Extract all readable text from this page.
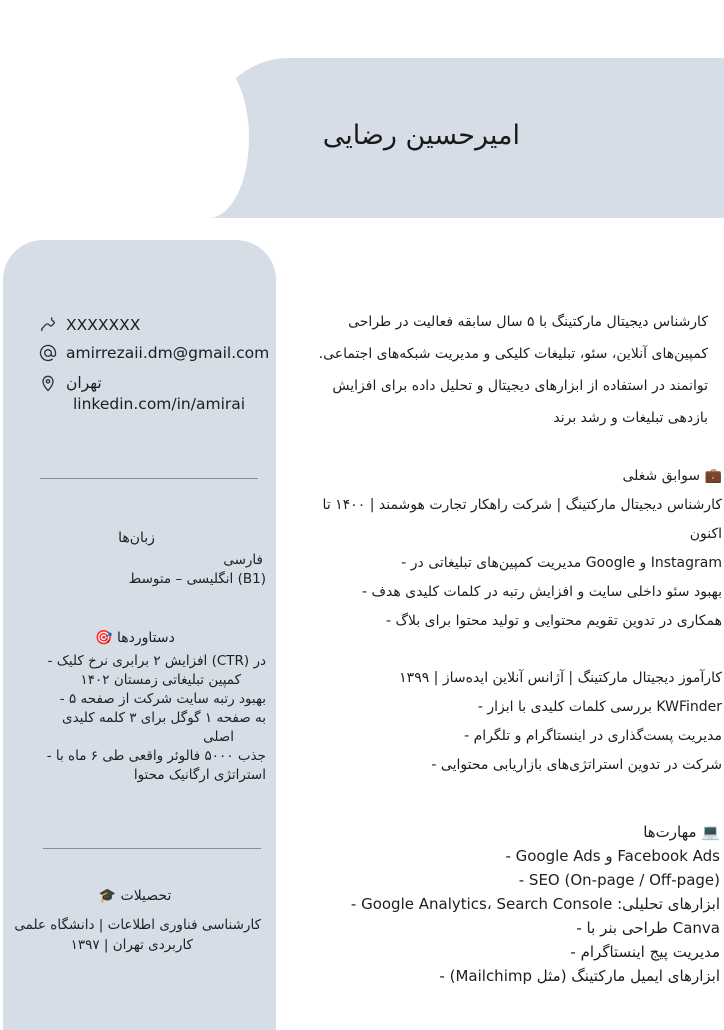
امیرحسین رضایی
XXXXXXX
amirrezaii.dm@gmail.com
تهران
linkedin.com/in/amirai
زبان‌ها
فارسی
(B1) انگلیسی – متوسط
دستاوردها 🎯
در (CTR) افزایش ۲ برابری نرخ کلیک -
کمپین تبلیغاتی زمستان ۱۴۰۲
بهبود رتبه سایت شرکت از صفحه ۵ -
به صفحه ۱ گوگل برای ۳ کلمه کلیدی
اصلی
جذب ۵۰۰۰ فالوئر واقعی طی ۶ ماه با -
استراتژی ارگانیک محتوا
تحصیلات 🎓
کارشناسی فناوری اطلاعات | دانشگاه علمی
کاربردی تهران | ۱۳۹۷
کارشناس دیجیتال مارکتینگ با ۵ سال سابقه فعالیت در طراحی
کمپین‌های آنلاین، سئو، تبلیغات کلیکی و مدیریت شبکه‌های اجتماعی.
توانمند در استفاده از ابزارهای دیجیتال و تحلیل داده برای افزایش
بازدهی تبلیغات و رشد برند
💼 سوابق شغلی
کارشناس دیجیتال مارکتینگ | شرکت راهکار تجارت هوشمند | ۱۴۰۰ تا
اکنون
Instagram و Google مدیریت کمپین‌های تبلیغاتی در -
بهبود سئو داخلی سایت و افزایش رتبه در کلمات کلیدی هدف -
همکاری در تدوین تقویم محتوایی و تولید محتوا برای بلاگ -
کارآموز دیجیتال مارکتینگ | آژانس آنلاین ایده‌ساز | ۱۳۹۹
KWFinder بررسی کلمات کلیدی با ابزار -
مدیریت پست‌گذاری در اینستاگرام و تلگرام -
شرکت در تدوین استراتژی‌های بازاریابی محتوایی -
💻 مهارت‌ها
Facebook Ads و Google Ads -
SEO (On-page / Off-page) -
ابزارهای تحلیلی: Google Analytics، Search Console -
Canva طراحی بنر با -
مدیریت پیج اینستاگرام -
ابزارهای ایمیل مارکتینگ (مثل Mailchimp) -
